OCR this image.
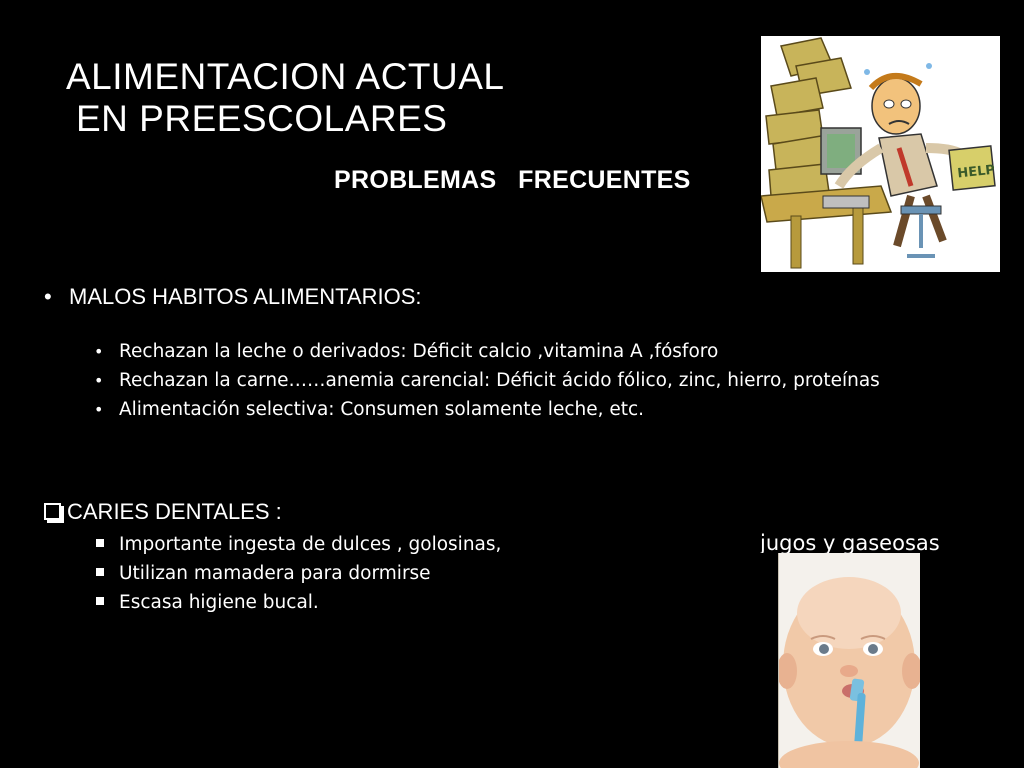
ALIMENTACION ACTUAL
EN PREESCOLARES
PROBLEMAS   FRECUENTES	HELP
• MALOS HABITOS ALIMENTARIOS:
• Rechazan la leche o derivados: Déficit calcio ,vitamina A ,fósforo
• Rechazan la carne……anemia carencial: Déficit ácido fólico, zinc, hierro, proteínas
• Alimentación selectiva: Consumen solamente leche, etc.
CARIES DENTALES :
Importante ingesta de dulces , golosinas,
Utilizan mamadera para dormirse
Escasa higiene bucal.
jugos y gaseosas
